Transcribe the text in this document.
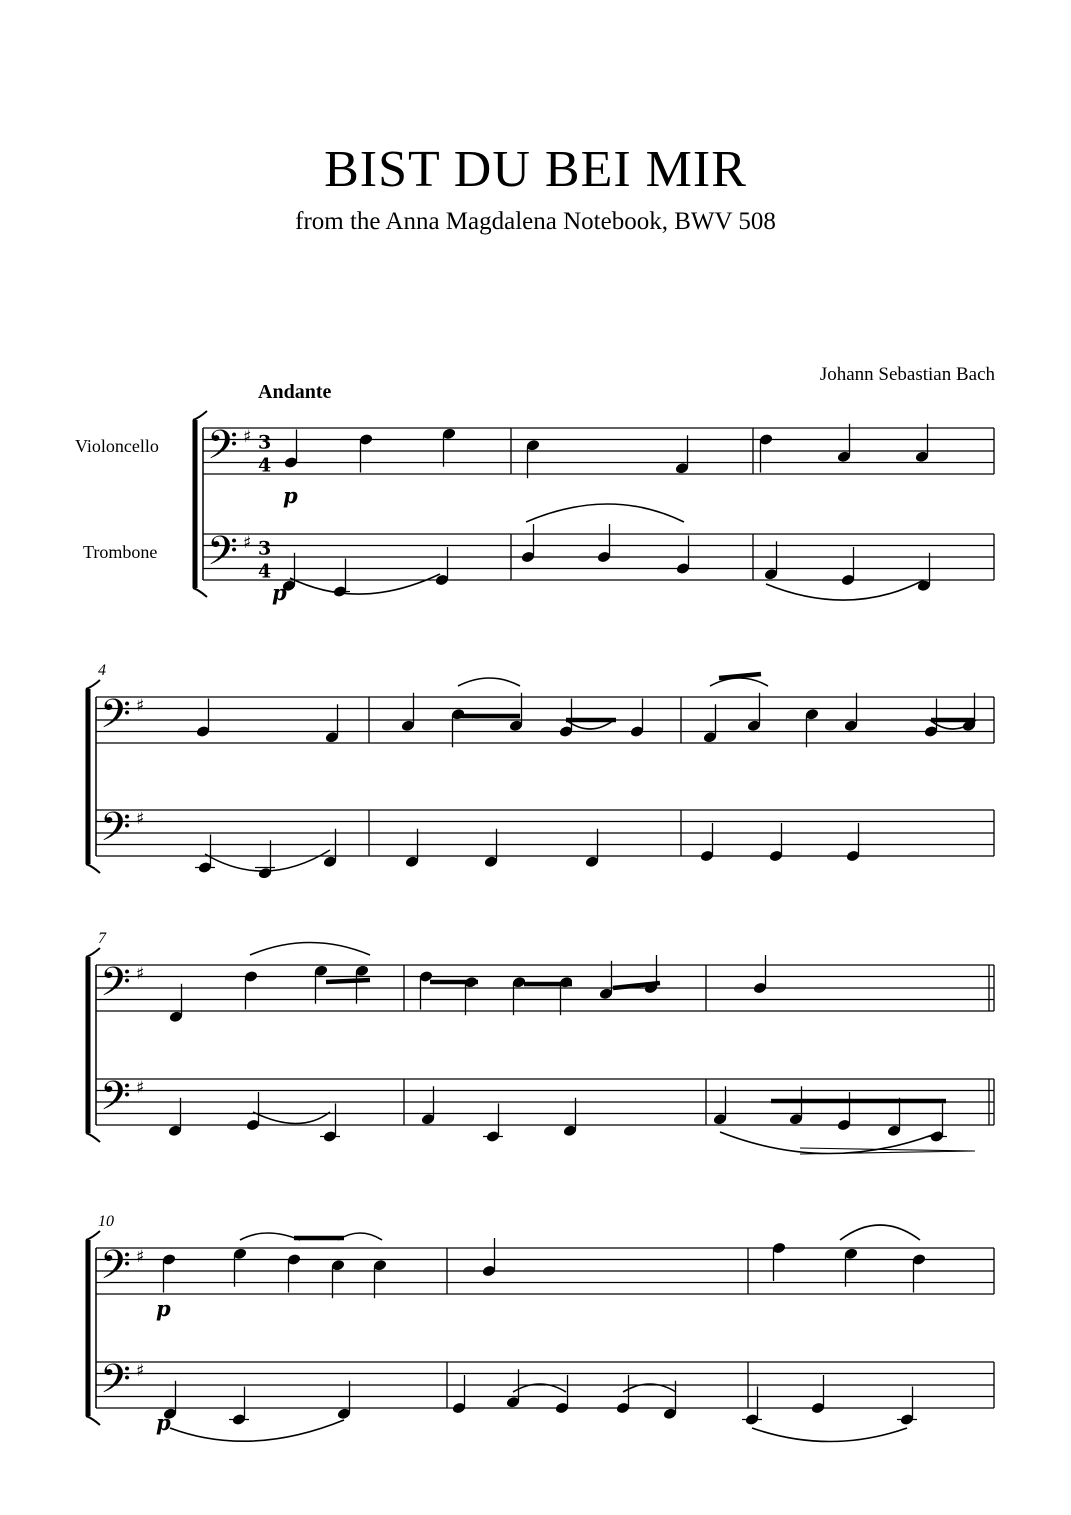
BIST DU BEI MIR
from the Anna Magdalena Notebook, BWV 508
Johann Sebastian Bach
Andante
Violoncello
Trombone
𝄢 ♯ 3
4
𝄢 ♯ 3
4
𝄢 ♯
𝄢 ♯
4
𝄢 ♯
𝄢 ♯
7
𝄢 ♯
𝄢 ♯
10
p
p
p
p
